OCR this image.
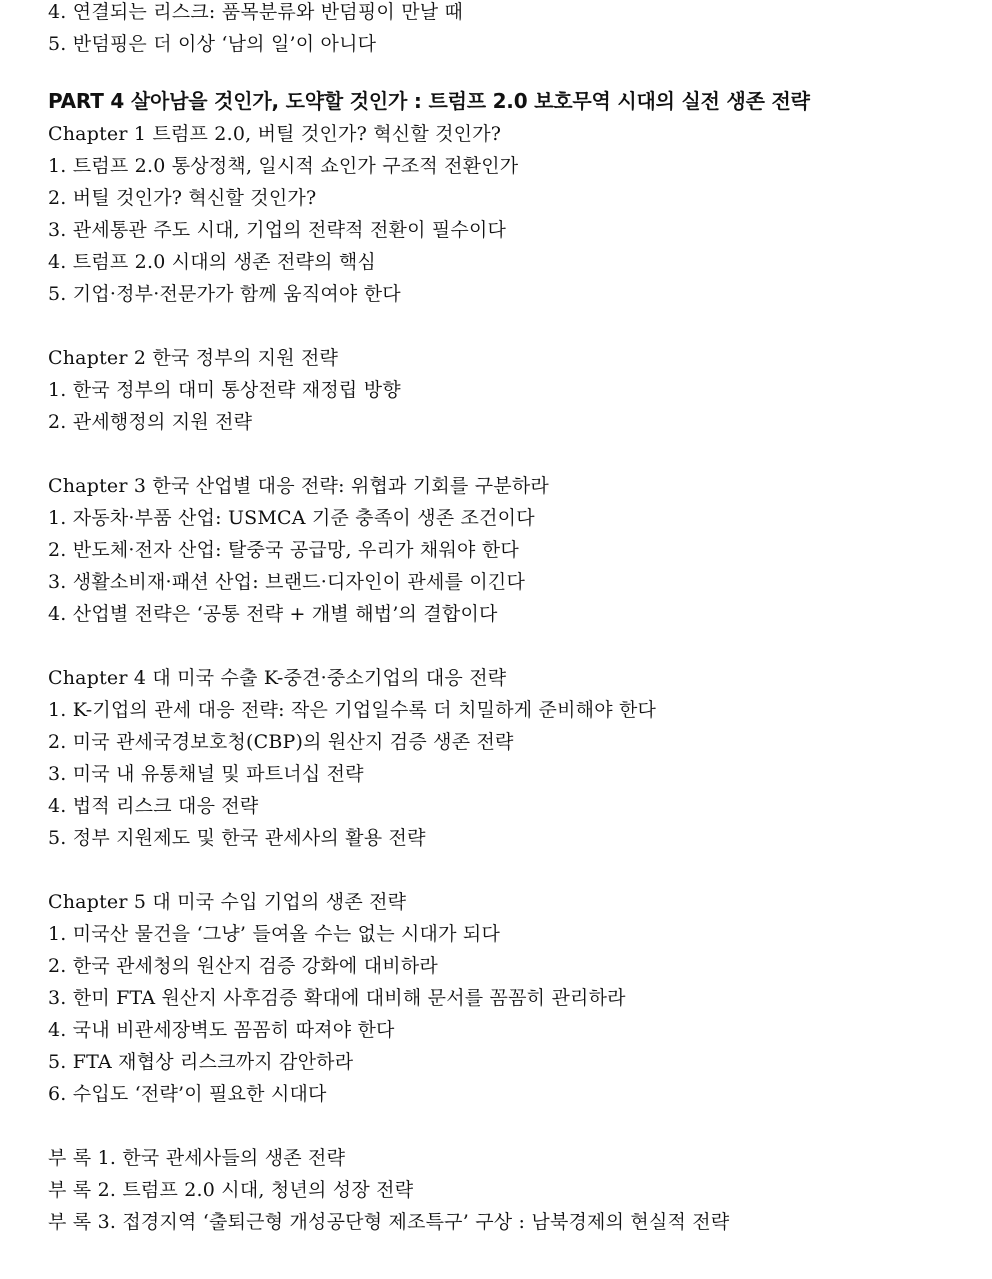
4. 연결되는 리스크: 품목분류와 반덤핑이 만날 때
5. 반덤핑은 더 이상 ‘남의 일’이 아니다
PART 4 살아남을 것인가, 도약할 것인가 : 트럼프 2.0 보호무역 시대의 실전 생존 전략
Chapter 1 트럼프 2.0, 버틸 것인가? 혁신할 것인가?
1. 트럼프 2.0 통상정책, 일시적 쇼인가 구조적 전환인가
2. 버틸 것인가? 혁신할 것인가?
3. 관세통관 주도 시대, 기업의 전략적 전환이 필수이다
4. 트럼프 2.0 시대의 생존 전략의 핵심
5. 기업·정부·전문가가 함께 움직여야 한다
Chapter 2 한국 정부의 지원 전략
1. 한국 정부의 대미 통상전략 재정립 방향
2. 관세행정의 지원 전략
Chapter 3 한국 산업별 대응 전략: 위협과 기회를 구분하라
1. 자동차·부품 산업: USMCA 기준 충족이 생존 조건이다
2. 반도체·전자 산업: 탈중국 공급망, 우리가 채워야 한다
3. 생활소비재·패션 산업: 브랜드·디자인이 관세를 이긴다
4. 산업별 전략은 ‘공통 전략 + 개별 해법’의 결합이다
Chapter 4 대 미국 수출 K-중견·중소기업의 대응 전략
1. K-기업의 관세 대응 전략: 작은 기업일수록 더 치밀하게 준비해야 한다
2. 미국 관세국경보호청(CBP)의 원산지 검증 생존 전략
3. 미국 내 유통채널 및 파트너십 전략
4. 법적 리스크 대응 전략
5. 정부 지원제도 및 한국 관세사의 활용 전략
Chapter 5 대 미국 수입 기업의 생존 전략
1. 미국산 물건을 ‘그냥’ 들여올 수는 없는 시대가 되다
2. 한국 관세청의 원산지 검증 강화에 대비하라
3. 한미 FTA 원산지 사후검증 확대에 대비해 문서를 꼼꼼히 관리하라
4. 국내 비관세장벽도 꼼꼼히 따져야 한다
5. FTA 재협상 리스크까지 감안하라
6. 수입도 ‘전략’이 필요한 시대다
부 록 1. 한국 관세사들의 생존 전략
부 록 2. 트럼프 2.0 시대, 청년의 성장 전략
부 록 3. 접경지역 ‘출퇴근형 개성공단형 제조특구’ 구상 : 남북경제의 현실적 전략
